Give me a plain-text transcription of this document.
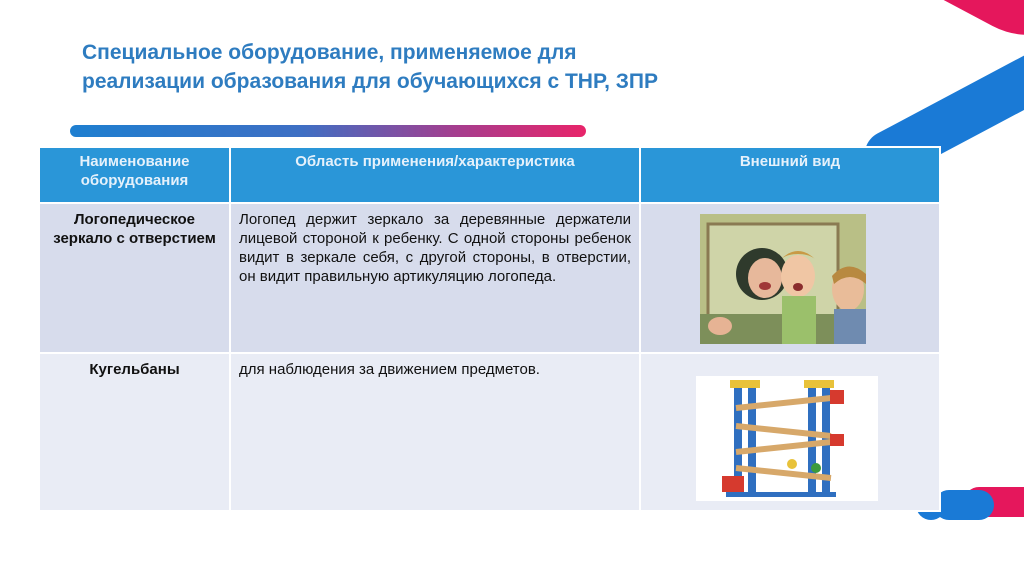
Специальное оборудование, применяемое для
реализации образования для обучающихся с ТНР, ЗПР
Наименование оборудования	Область применения/характеристика	Внешний вид
Логопедическое зеркало с отверстием	Логопед держит зеркало за деревянные держатели лицевой стороной к ребенку. С одной стороны ребенок видит в зеркале себя, с другой стороны, в отверстии, он видит правильную артикуляцию логопеда.	

Кугельбаны	для наблюдения за движением предметов.	
